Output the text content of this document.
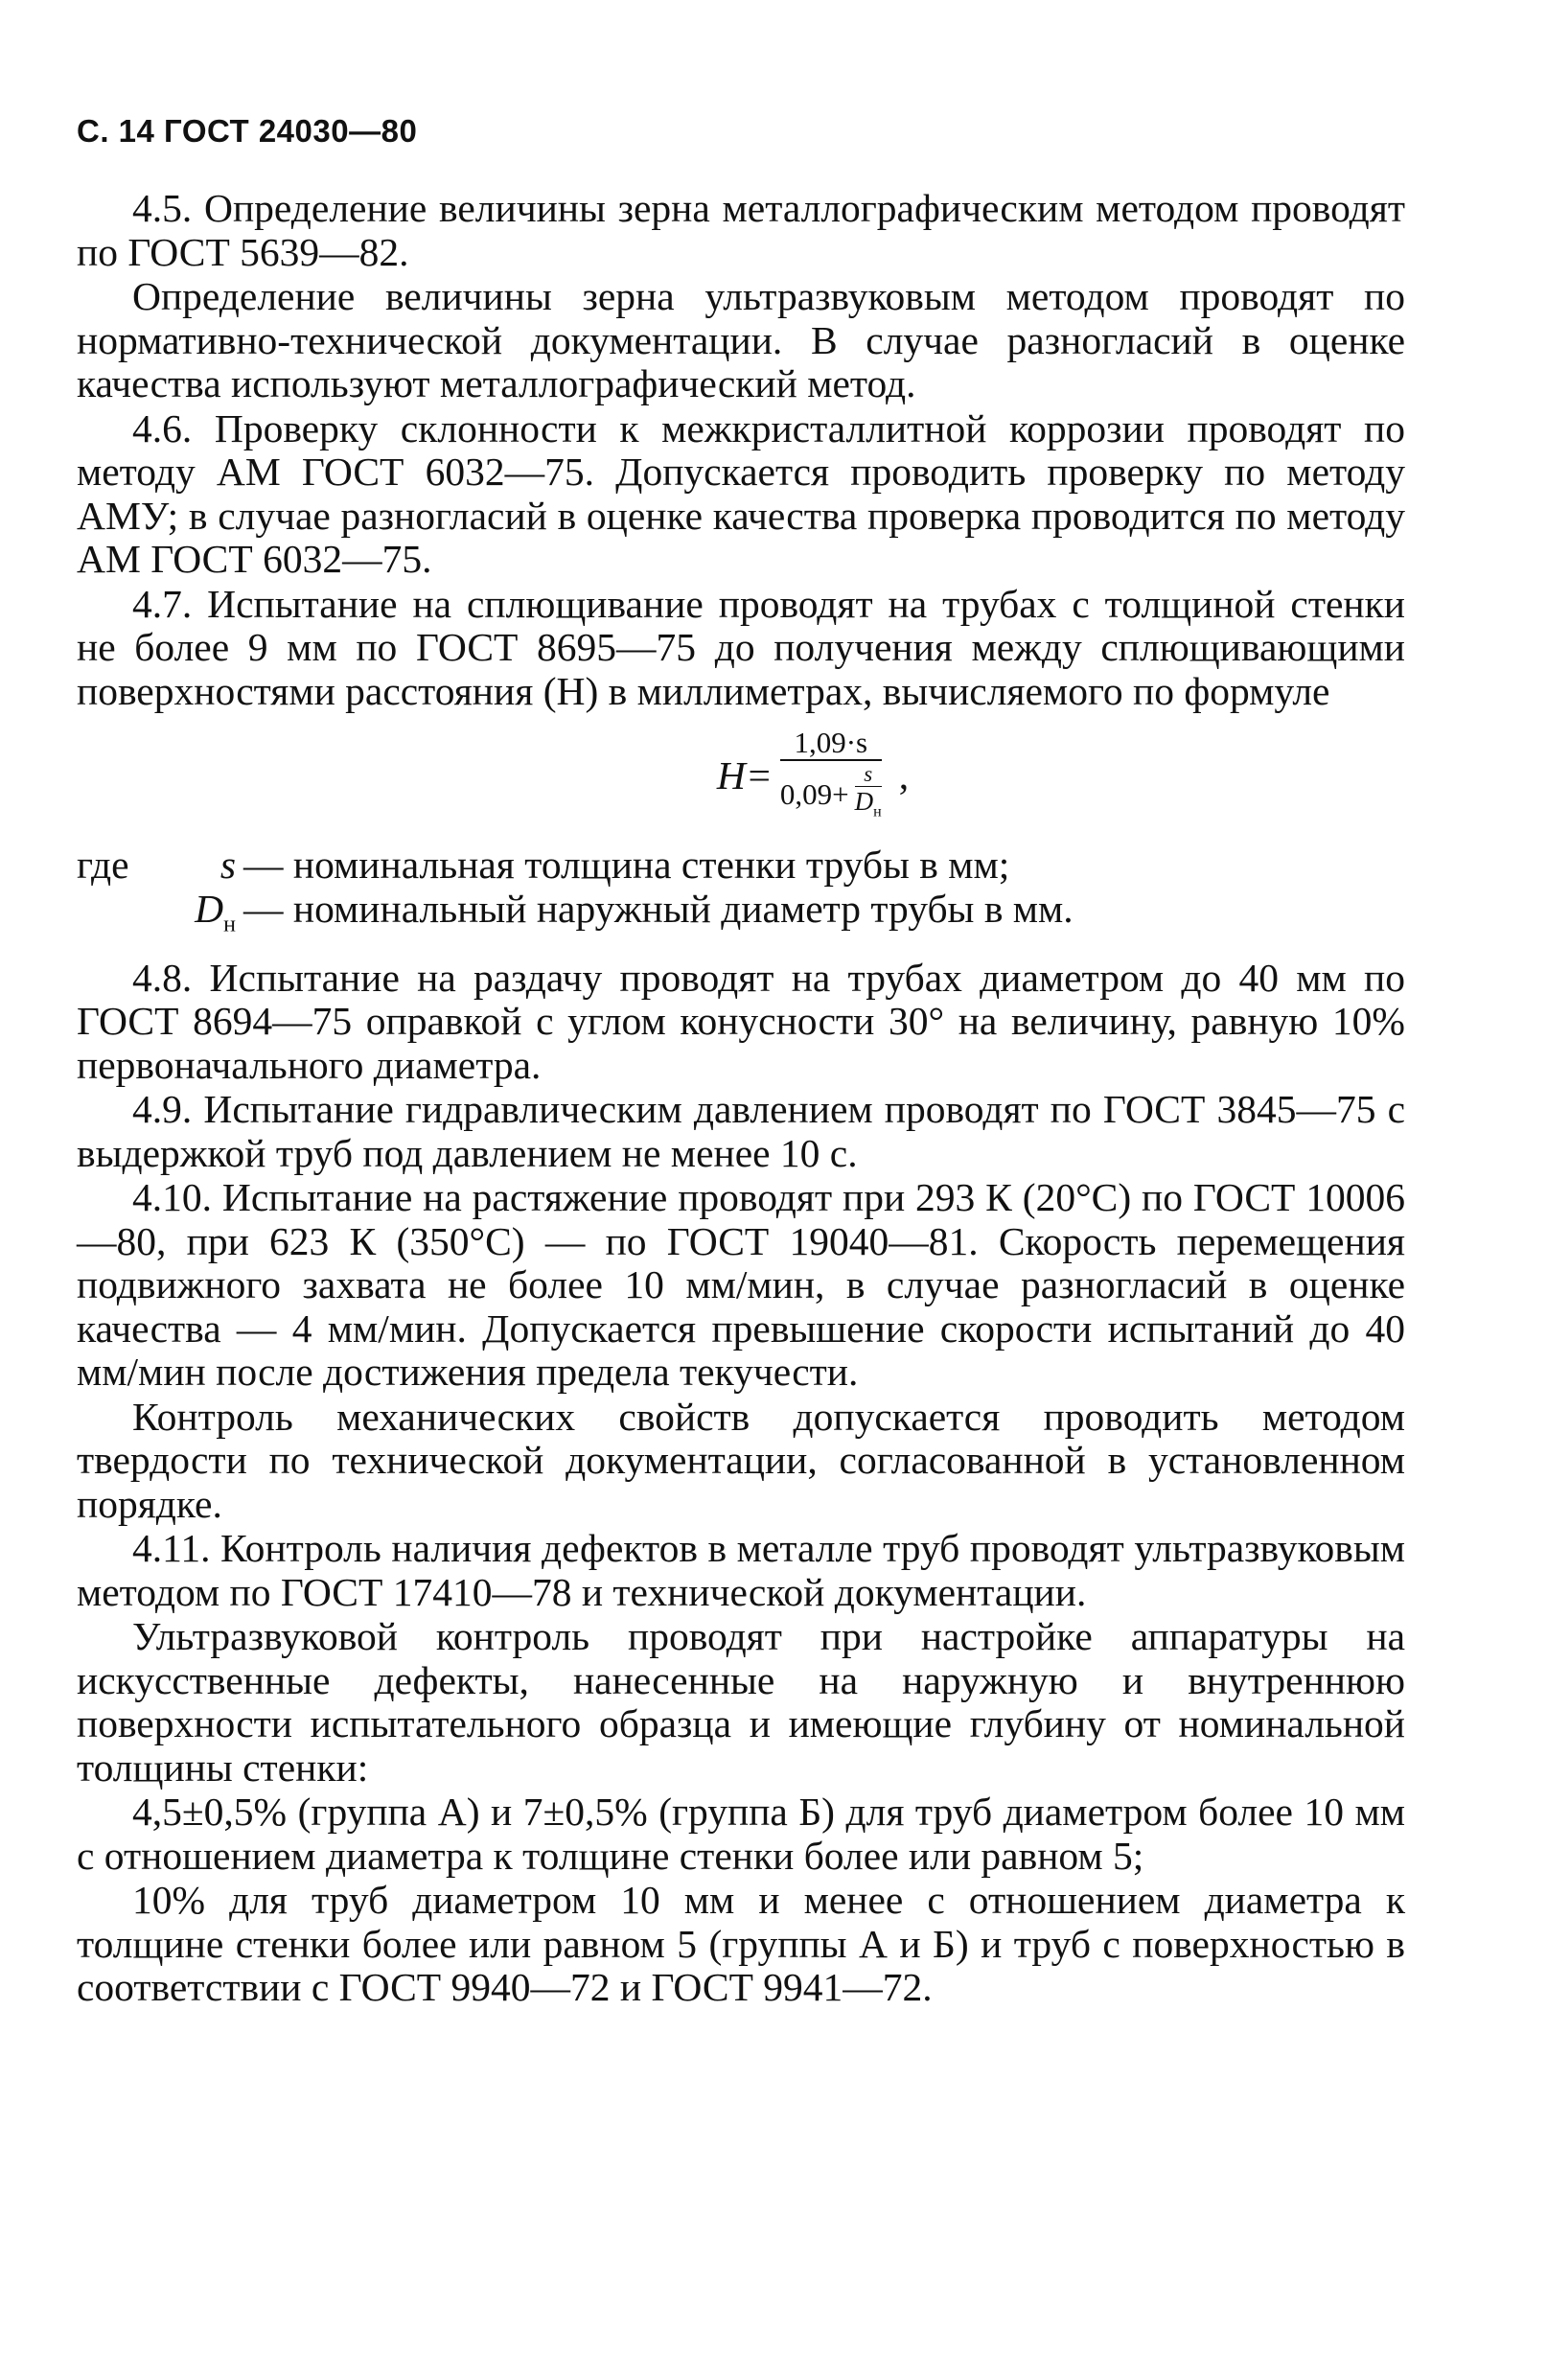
С. 14 ГОСТ 24030—80

4.5. Определение величины зерна металлографическим методом проводят по ГОСТ 5639—82.

Определение величины зерна ультразвуковым методом проводят по нормативно-технической документации. В случае разногласий в оценке качества используют металлографический метод.

4.6. Проверку склонности к межкристаллитной коррозии проводят по методу АМ ГОСТ 6032—75. Допускается проводить проверку по методу АМУ; в случае разногласий в оценке качества проверка проводится по методу АМ ГОСТ 6032—75.

4.7. Испытание на сплющивание проводят на трубах с толщиной стенки не более 9 мм по ГОСТ 8695—75 до получения между сплющивающими поверхностями расстояния (H) в миллиметрах, вычисляемого по формуле

H=
1,09·s
$0,09+ \frac{s}{D_н}$ ,
где	s — номинальная толщина стенки трубы в мм;
$D_н$ — номинальный наружный диаметр трубы в мм.

4.8. Испытание на раздачу проводят на трубах диаметром до 40 мм по ГОСТ 8694—75 оправкой с углом конусности 30° на величину, равную 10% первоначального диаметра.

4.9. Испытание гидравлическим давлением проводят по ГОСТ 3845—75 с выдержкой труб под давлением не менее 10 с.

4.10. Испытание на растяжение проводят при 293 К (20°С) по ГОСТ 10006—80, при 623 К (350°С) — по ГОСТ 19040—81. Скорость перемещения подвижного захвата не более 10 мм/мин, в случае разногласий в оценке качества — 4 мм/мин. Допускается превышение скорости испытаний до 40 мм/мин после достижения предела текучести.

Контроль механических свойств допускается проводить методом твердости по технической документации, согласованной в установленном порядке.

4.11. Контроль наличия дефектов в металле труб проводят ультразвуковым методом по ГОСТ 17410—78 и технической документации.

Ультразвуковой контроль проводят при настройке аппаратуры на искусственные дефекты, нанесенные на наружную и внутреннюю поверхности испытательного образца и имеющие глубину от номинальной толщины стенки:

4,5±0,5% (группа А) и 7±0,5% (группа Б) для труб диаметром более 10 мм с отношением диаметра к толщине стенки более или равном 5;

10% для труб диаметром 10 мм и менее с отношением диаметра к толщине стенки более или равном 5 (группы А и Б) и труб с поверхностью в соответствии с ГОСТ 9940—72 и ГОСТ 9941—72.
